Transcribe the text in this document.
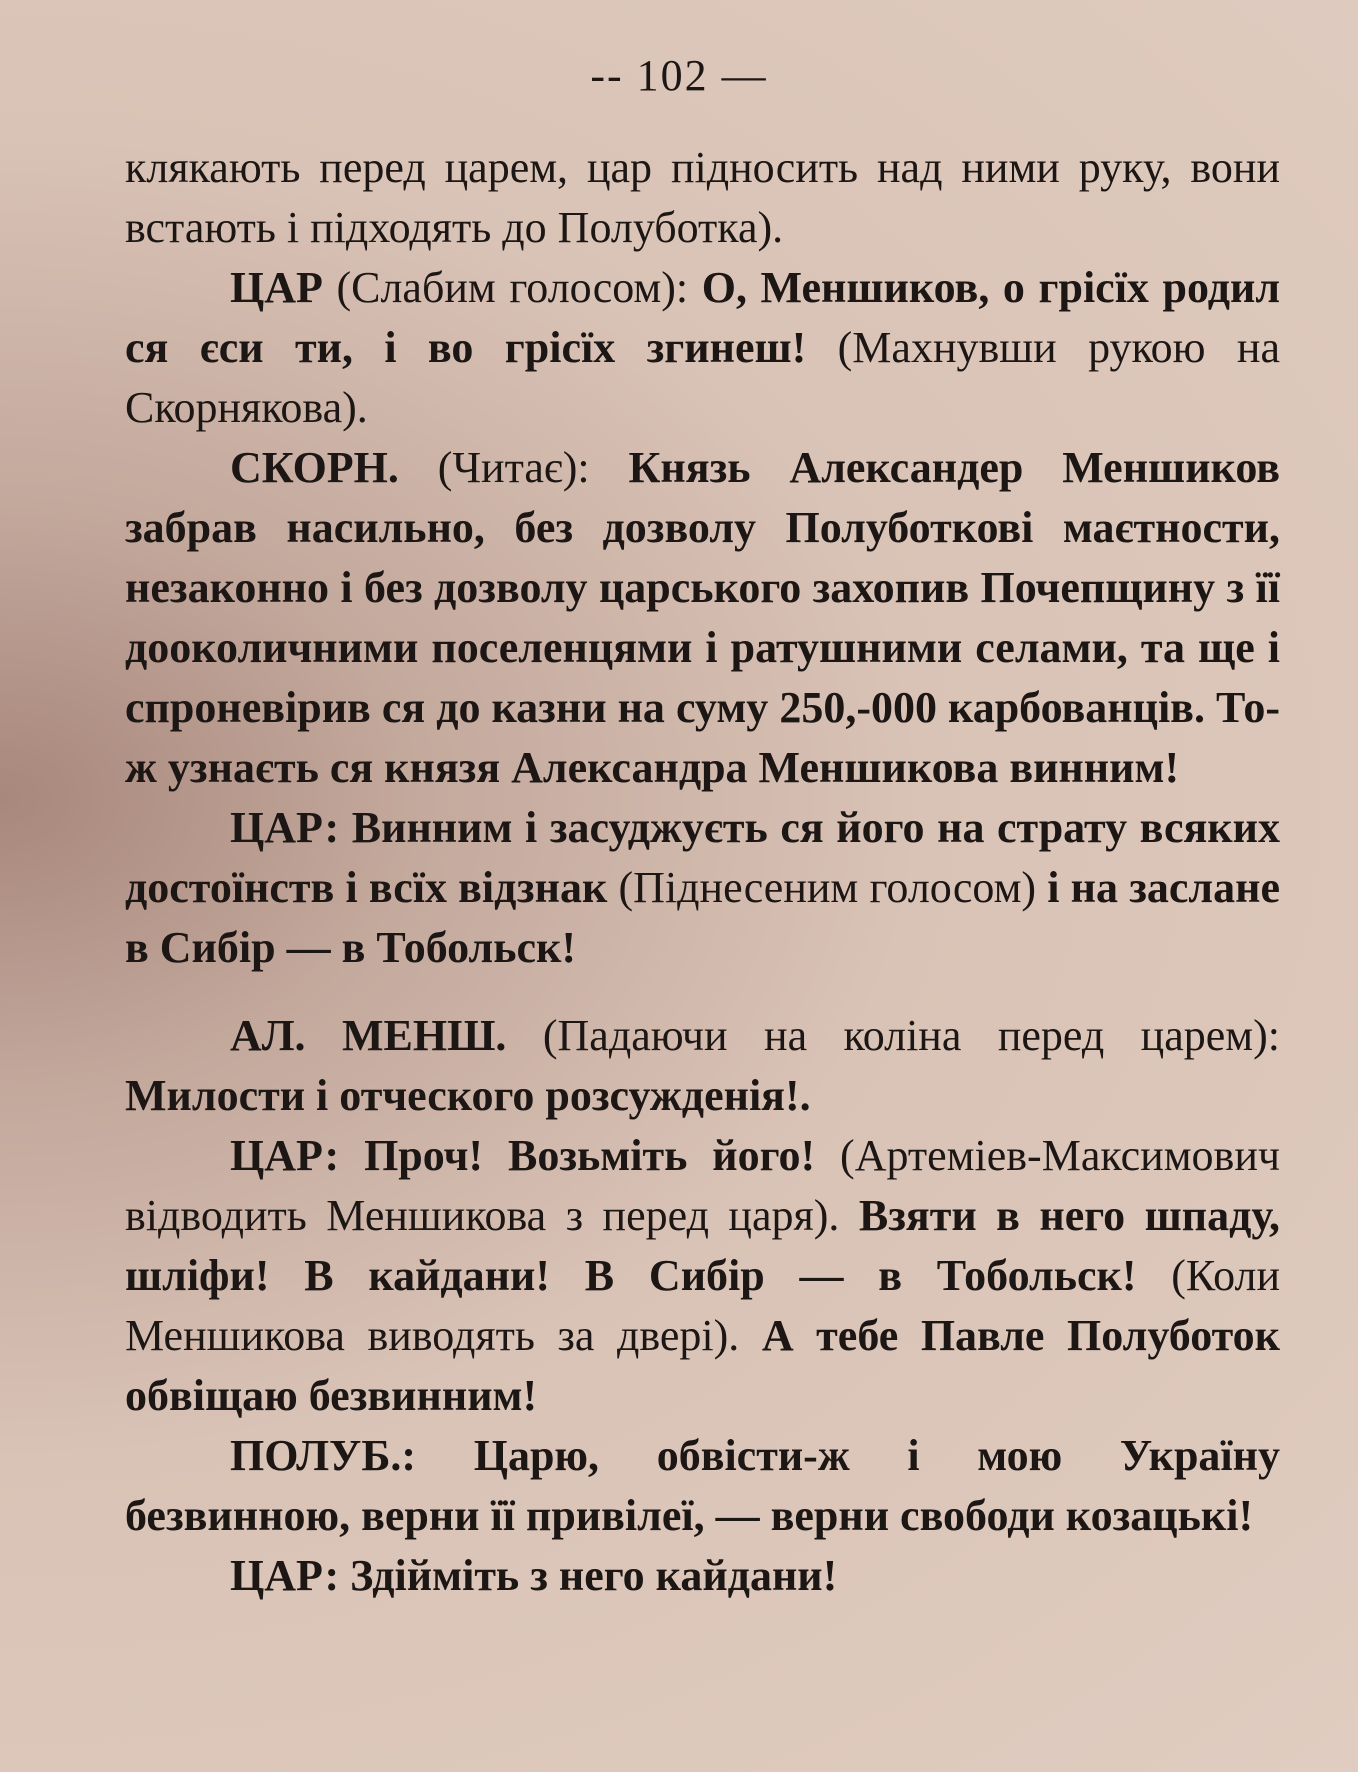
-- 102 —

клякають перед царем, цар підносить над ними руку, вони встають і підходять до Полуботка).

ЦАР (Слабим голосом): О, Меншиков, о грісїх родил ся єси ти, і во грісїх згинеш! (Махнувши рукою на Скорнякова).

СКОРН. (Читає): Князь Александер Меншиков забрав насильно, без дозволу Полуботкові маєтности, незаконно і без дозволу царського захопив Почепщину з її дооколичними поселенцями і ратушними селами, та ще і спроневірив ся до казни на суму 250,-000 карбованців. То-ж узнаєть ся князя Александра Меншикова винним!

ЦАР: Винним і засуджуєть ся його на страту всяких достоїнств і всїх відзнак (Піднесеним голосом) і на заслане в Сибір — в Тобольск!

АЛ. МЕНШ. (Падаючи на коліна перед царем): Милости і отческого розсужденія!.

ЦАР: Проч! Возьміть його! (Артеміев-Максимович відводить Меншикова з перед царя). Взяти в него шпаду, шліфи! В кайдани! В Сибір — в Тобольск! (Коли Меншикова виводять за двері). А тебе Павле Полуботок обвіщаю безвинним!

ПОЛУБ.: Царю, обвісти-ж і мою Україну безвинною, верни її привілеї, — верни свободи козацькі!

ЦАР: Здійміть з него кайдани!
